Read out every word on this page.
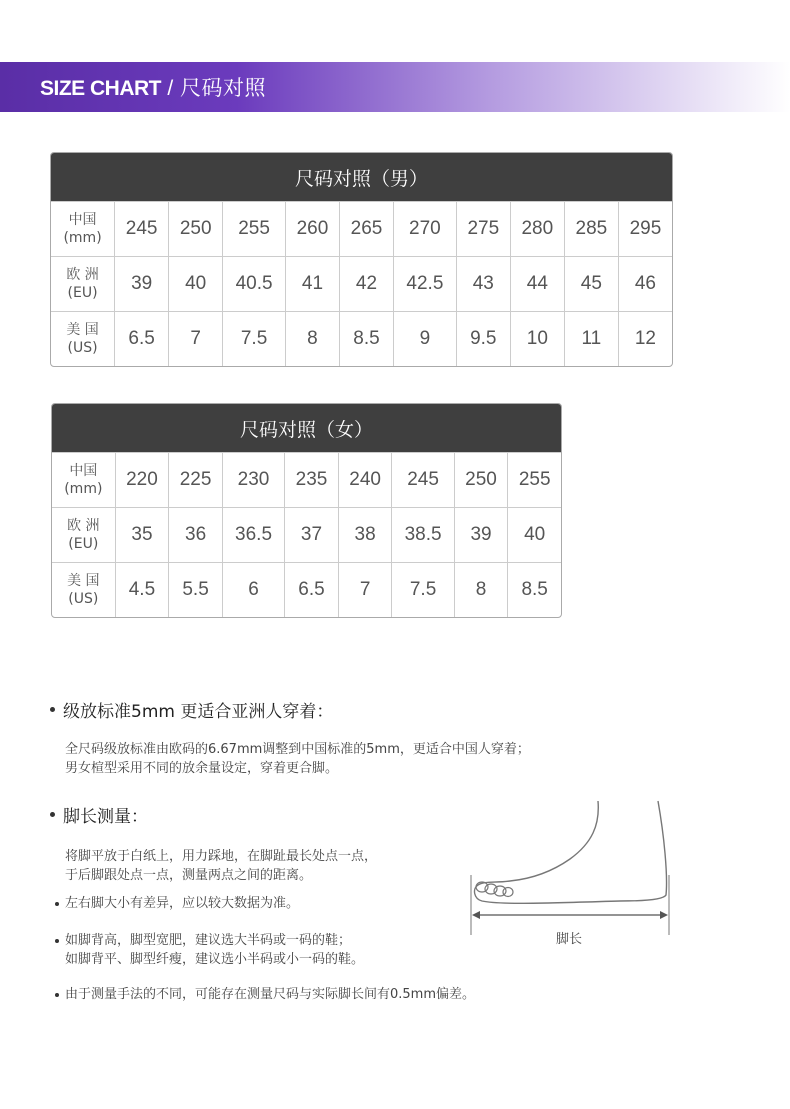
SIZE CHART / 尺码对照
尺码对照（男）										

中国
(mm)	245	250	255	260	265	270	275	280	285	295

欧 洲
(EU)	39	40	40.5	41	42	42.5	43	44	45	46

美 国
(US)	6.5	7	7.5	8	8.5	9	9.5	10	11	12
尺码对照（女）								

中国
(mm)	220	225	230	235	240	245	250	255

欧 洲
(EU)	35	36	36.5	37	38	38.5	39	40

美 国
(US)	4.5	5.5	6	6.5	7	7.5	8	8.5
级放标准5mm 更适合亚洲人穿着：
全尺码级放标准由欧码的6.67mm调整到中国标准的5mm，更适合中国人穿着；
男女楦型采用不同的放余量设定，穿着更合脚。
脚长测量：
将脚平放于白纸上，用力踩地，在脚趾最长处点一点，
于后脚跟处点一点，测量两点之间的距离。
左右脚大小有差异，应以较大数据为准。
如脚背高，脚型宽肥，建议选大半码或一码的鞋；
如脚背平、脚型纤瘦，建议选小半码或小一码的鞋。
由于测量手法的不同，可能存在测量尺码与实际脚长间有0.5mm偏差。
脚长
